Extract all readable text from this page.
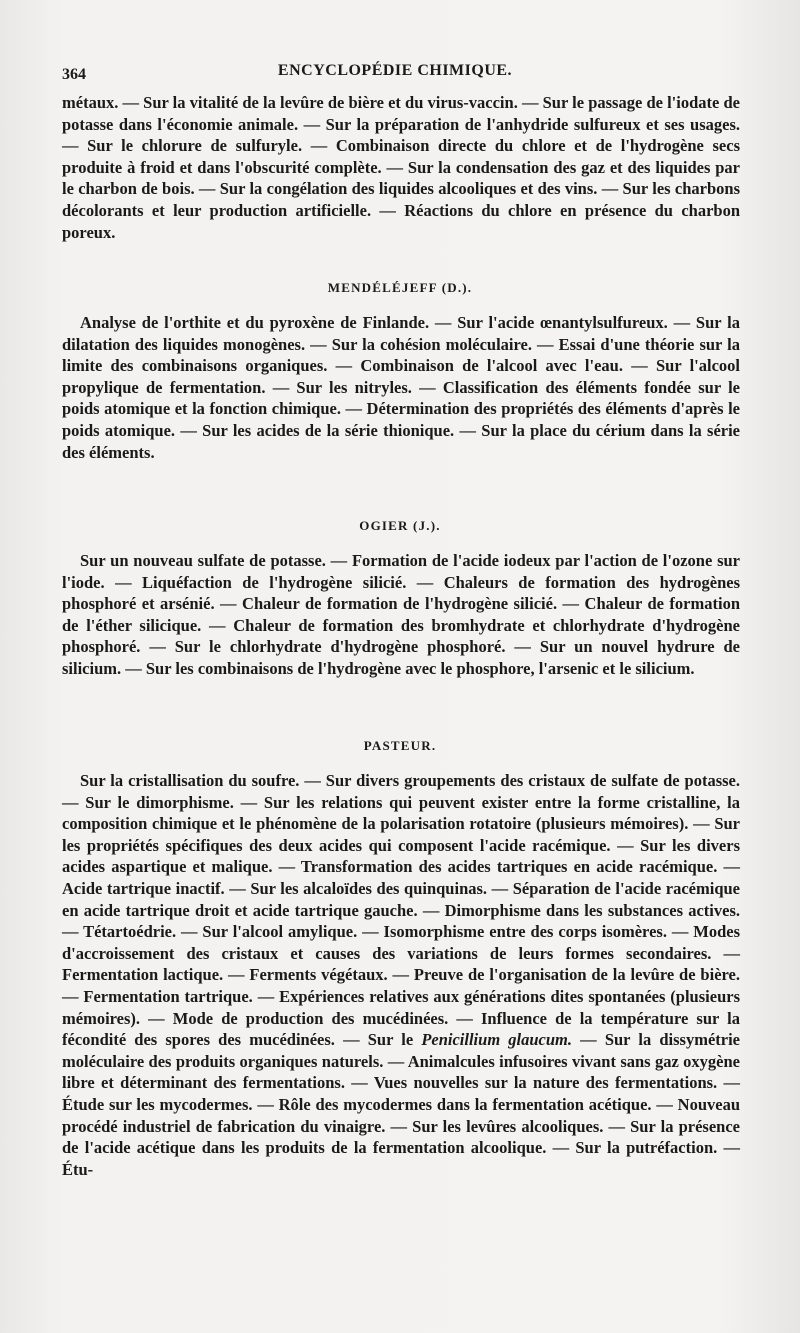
364	ENCYCLOPÉDIE CHIMIQUE.

métaux. — Sur la vitalité de la levûre de bière et du virus-vaccin. — Sur le passage de l'iodate de potasse dans l'économie animale. — Sur la préparation de l'anhydride sulfureux et ses usages. — Sur le chlorure de sulfuryle. — Combinaison directe du chlore et de l'hydrogène secs produite à froid et dans l'obscurité complète. — Sur la condensation des gaz et des liquides par le charbon de bois. — Sur la congélation des liquides alcooliques et des vins. — Sur les charbons décolorants et leur production artificielle. — Réactions du chlore en présence du charbon poreux.

MENDÉLÉJEFF (D.).

Analyse de l'orthite et du pyroxène de Finlande. — Sur l'acide œnantylsulfureux. — Sur la dilatation des liquides monogènes. — Sur la cohésion moléculaire. — Essai d'une théorie sur la limite des combinaisons organiques. — Combinaison de l'alcool avec l'eau. — Sur l'alcool propylique de fermentation. — Sur les nitryles. — Classification des éléments fondée sur le poids atomique et la fonction chimique. — Détermination des propriétés des éléments d'après le poids atomique. — Sur les acides de la série thionique. — Sur la place du cérium dans la série des éléments.

OGIER (J.).

Sur un nouveau sulfate de potasse. — Formation de l'acide iodeux par l'action de l'ozone sur l'iode. — Liquéfaction de l'hydrogène silicié. — Chaleurs de formation des hydrogènes phosphoré et arsénié. — Chaleur de formation de l'hydrogène silicié. — Chaleur de formation de l'éther silicique. — Chaleur de formation des bromhydrate et chlorhydrate d'hydrogène phosphoré. — Sur le chlorhydrate d'hydrogène phosphoré. — Sur un nouvel hydrure de silicium. — Sur les combinaisons de l'hydrogène avec le phosphore, l'arsenic et le silicium.

PASTEUR.

Sur la cristallisation du soufre. — Sur divers groupements des cristaux de sulfate de potasse. — Sur le dimorphisme. — Sur les relations qui peuvent exister entre la forme cristalline, la composition chimique et le phénomène de la polarisation rotatoire (plusieurs mémoires). — Sur les propriétés spécifiques des deux acides qui composent l'acide racémique. — Sur les divers acides aspartique et malique. — Transformation des acides tartriques en acide racémique. — Acide tartrique inactif. — Sur les alcaloïdes des quinquinas. — Séparation de l'acide racémique en acide tartrique droit et acide tartrique gauche. — Dimorphisme dans les substances actives. — Tétartoédrie. — Sur l'alcool amylique. — Isomorphisme entre des corps isomères. — Modes d'accroissement des cristaux et causes des variations de leurs formes secondaires. — Fermentation lactique. — Ferments végétaux. — Preuve de l'organisation de la levûre de bière. — Fermentation tartrique. — Expériences relatives aux générations dites spontanées (plusieurs mémoires). — Mode de production des mucédinées. — Influence de la température sur la fécondité des spores des mucédinées. — Sur le Penicillium glaucum. — Sur la dissymétrie moléculaire des produits organiques naturels. — Animalcules infusoires vivant sans gaz oxygène libre et déterminant des fermentations. — Vues nouvelles sur la nature des fermentations. — Étude sur les mycodermes. — Rôle des mycodermes dans la fermentation acétique. — Nouveau procédé industriel de fabrication du vinaigre. — Sur les levûres alcooliques. — Sur la présence de l'acide acétique dans les produits de la fermentation alcoolique. — Sur la putréfaction. — Étu-
